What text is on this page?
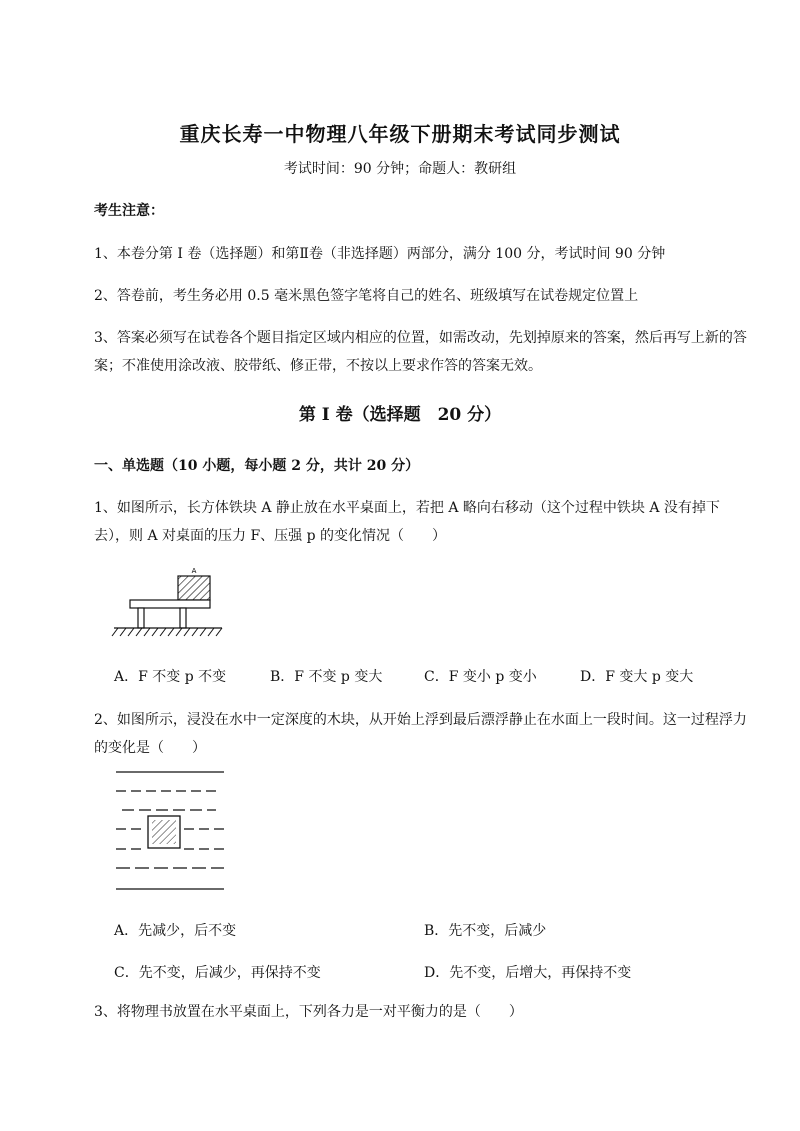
重庆长寿一中物理八年级下册期末考试同步测试
考试时间：90 分钟；命题人：教研组
考生注意：
1、本卷分第 I 卷（选择题）和第Ⅱ卷（非选择题）两部分，满分 100 分，考试时间 90 分钟
2、答卷前，考生务必用 0.5 毫米黑色签字笔将自己的姓名、班级填写在试卷规定位置上
3、答案必须写在试卷各个题目指定区域内相应的位置，如需改动，先划掉原来的答案，然后再写上新的答案；不准使用涂改液、胶带纸、修正带，不按以上要求作答的答案无效。
第 I 卷（选择题　20 分）
一、单选题（10 小题，每小题 2 分，共计 20 分）
1、如图所示，长方体铁块 A 静止放在水平桌面上，若把 A 略向右移动（这个过程中铁块 A 没有掉下去），则 A 对桌面的压力 F、压强 p 的变化情况（　　）
A
A．F 不变 p 不变	B．F 不变 p 变大	C．F 变小 p 变小	D．F 变大 p 变大
2、如图所示，浸没在水中一定深度的木块，从开始上浮到最后漂浮静止在水面上一段时间。这一过程浮力的变化是（　　）
A．先减少，后不变	B．先不变，后减少
C．先不变，后减少，再保持不变	D．先不变，后增大，再保持不变
3、将物理书放置在水平桌面上，下列各力是一对平衡力的是（　　）
